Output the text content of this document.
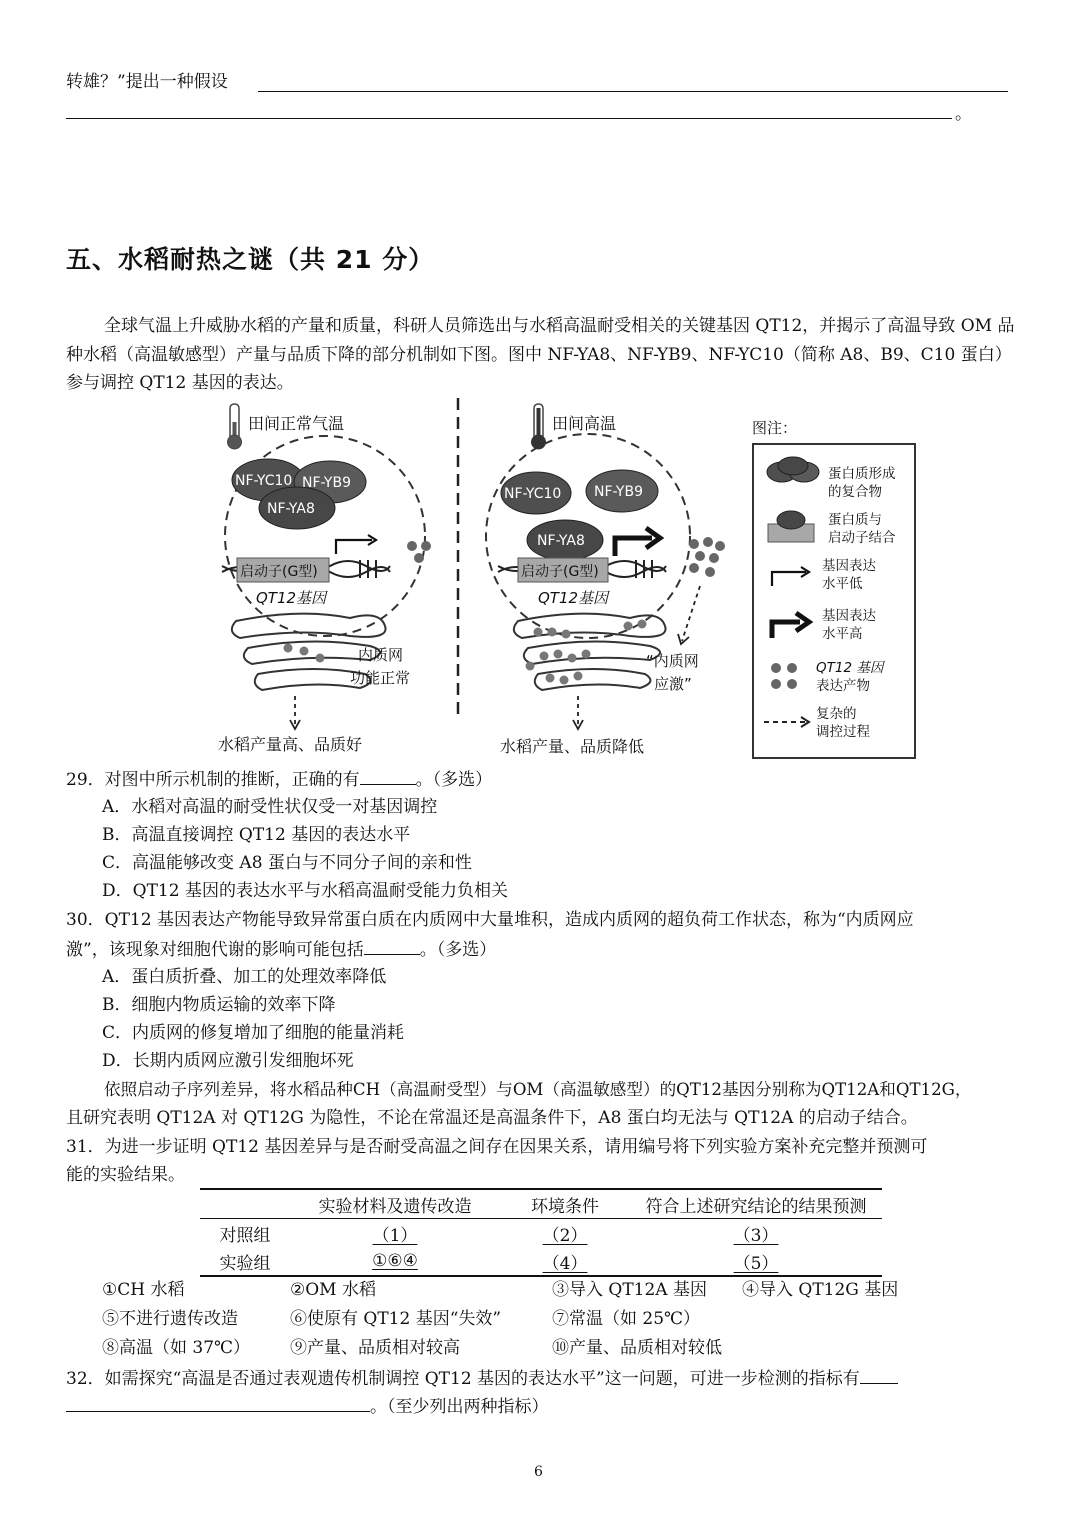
转雄？”提出一种假设
。
五、水稻耐热之谜（共 21 分）
全球气温上升威胁水稻的产量和质量，科研人员筛选出与水稻高温耐受相关的关键基因 QT12，并揭示了高温导致 OM 品种水稻（高温敏感型）产量与品质下降的部分机制如下图。图中 NF-YA8、NF-YB9、NF-YC10（简称 A8、B9、C10 蛋白）参与调控 QT12 基因的表达。
田间正常气温
NF-YC10 NF-YB9
NF-YA8
启动子(G型)
QT12基因
内质网
功能正常
水稻产量高、品质好
田间高温
NF-YC10 NF-YB9
NF-YA8
启动子(G型)
QT12基因
“内质网
应激”
水稻产量、品质降低
图注：
蛋白质形成
的复合物
蛋白质与
启动子结合
基因表达
水平低
基因表达
水平高
QT12 基因
表达产物
复杂的
调控过程
29．对图中所示机制的推断，正确的有	。（多选）
A．水稻对高温的耐受性状仅受一对基因调控
B．高温直接调控 QT12 基因的表达水平
C．高温能够改变 A8 蛋白与不同分子间的亲和性
D．QT12 基因的表达水平与水稻高温耐受能力负相关
30．QT12 基因表达产物能导致异常蛋白质在内质网中大量堆积，造成内质网的超负荷工作状态，称为“内质网应
激”，该现象对细胞代谢的影响可能包括	。（多选）
A．蛋白质折叠、加工的处理效率降低
B．细胞内物质运输的效率下降
C．内质网的修复增加了细胞的能量消耗
D．长期内质网应激引发细胞坏死
依照启动子序列差异，将水稻品种CH（高温耐受型）与OM（高温敏感型）的QT12基因分别称为QT12A和QT12G，
且研究表明 QT12A 对 QT12G 为隐性，不论在常温还是高温条件下，A8 蛋白均无法与 QT12A 的启动子结合。
31．为进一步证明 QT12 基因差异与是否耐受高温之间存在因果关系，请用编号将下列实验方案补充完整并预测可
能的实验结果。
	实验材料及遗传改造	环境条件	符合上述研究结论的结果预测
对照组	（1）	（2）	（3）
实验组	①⑥④	（4）	（5）
①CH 水稻	②OM 水稻	③导入 QT12A 基因 ④导入 QT12G 基因
⑤不进行遗传改造	⑥使原有 QT12 基因“失效”	⑦常温（如 25℃）
⑧高温（如 37℃） ⑨产量、品质相对较高	⑩产量、品质相对较低
32．如需探究“高温是否通过表观遗传机制调控 QT12 基因的表达水平”这一问题，可进一步检测的指标有
。（至少列出两种指标）
6
